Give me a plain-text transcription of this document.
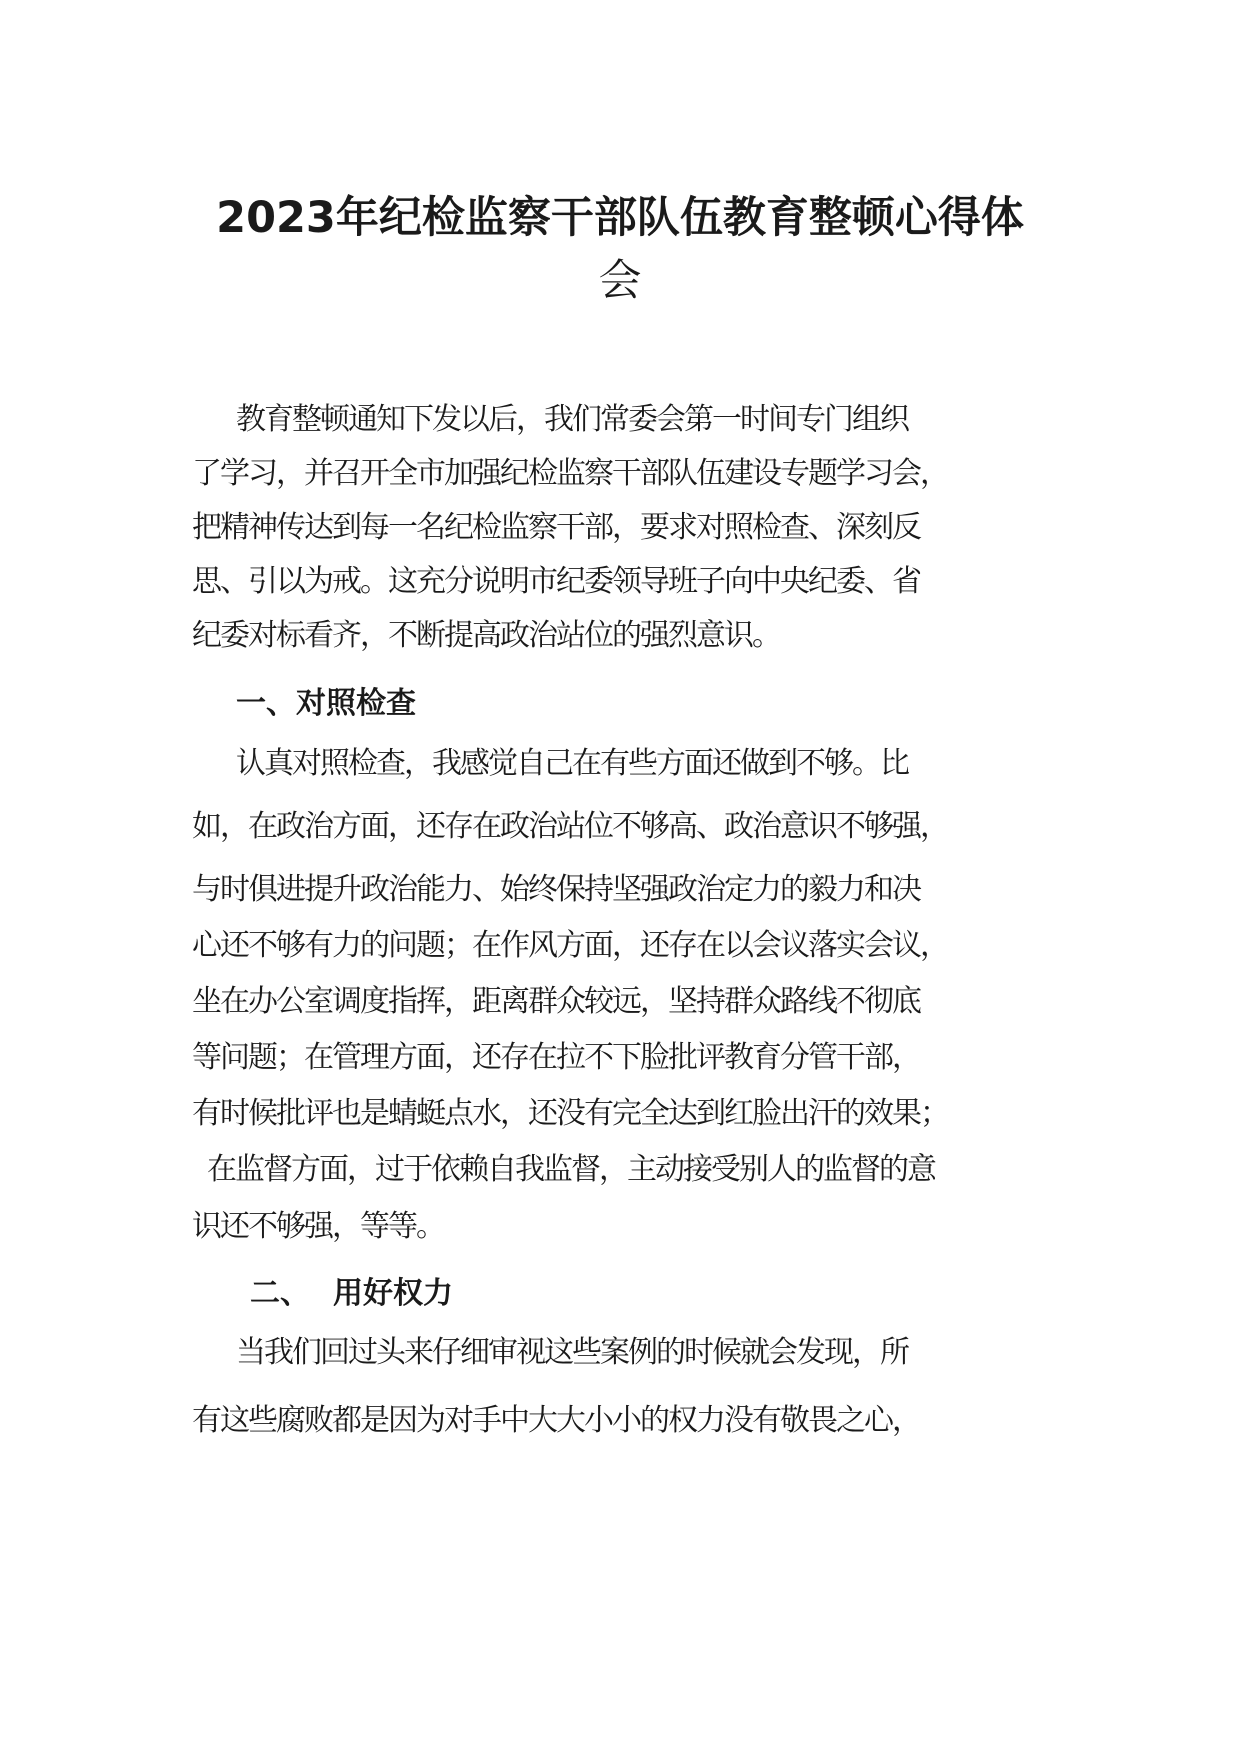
2023年纪检监察干部队伍教育整顿心得体
会
教育整顿通知下发以后，我们常委会第一时间专门组织
了学习，并召开全市加强纪检监察干部队伍建设专题学习会，
把精神传达到每一名纪检监察干部，要求对照检查、深刻反
思、引以为戒。这充分说明市纪委领导班子向中央纪委、省
纪委对标看齐，不断提高政治站位的强烈意识。
一、对照检查
认真对照检查，我感觉自己在有些方面还做到不够。比
如，在政治方面，还存在政治站位不够高、政治意识不够强，
与时俱进提升政治能力、始终保持坚强政治定力的毅力和决
心还不够有力的问题；在作风方面，还存在以会议落实会议，
坐在办公室调度指挥，距离群众较远，坚持群众路线不彻底
等问题；在管理方面，还存在拉不下脸批评教育分管干部，
有时候批评也是蜻蜓点水，还没有完全达到红脸出汗的效果；
在监督方面，过于依赖自我监督，主动接受别人的监督的意
识还不够强，等等。
二、 用好权力
当我们回过头来仔细审视这些案例的时候就会发现，所
有这些腐败都是因为对手中大大小小的权力没有敬畏之心，
